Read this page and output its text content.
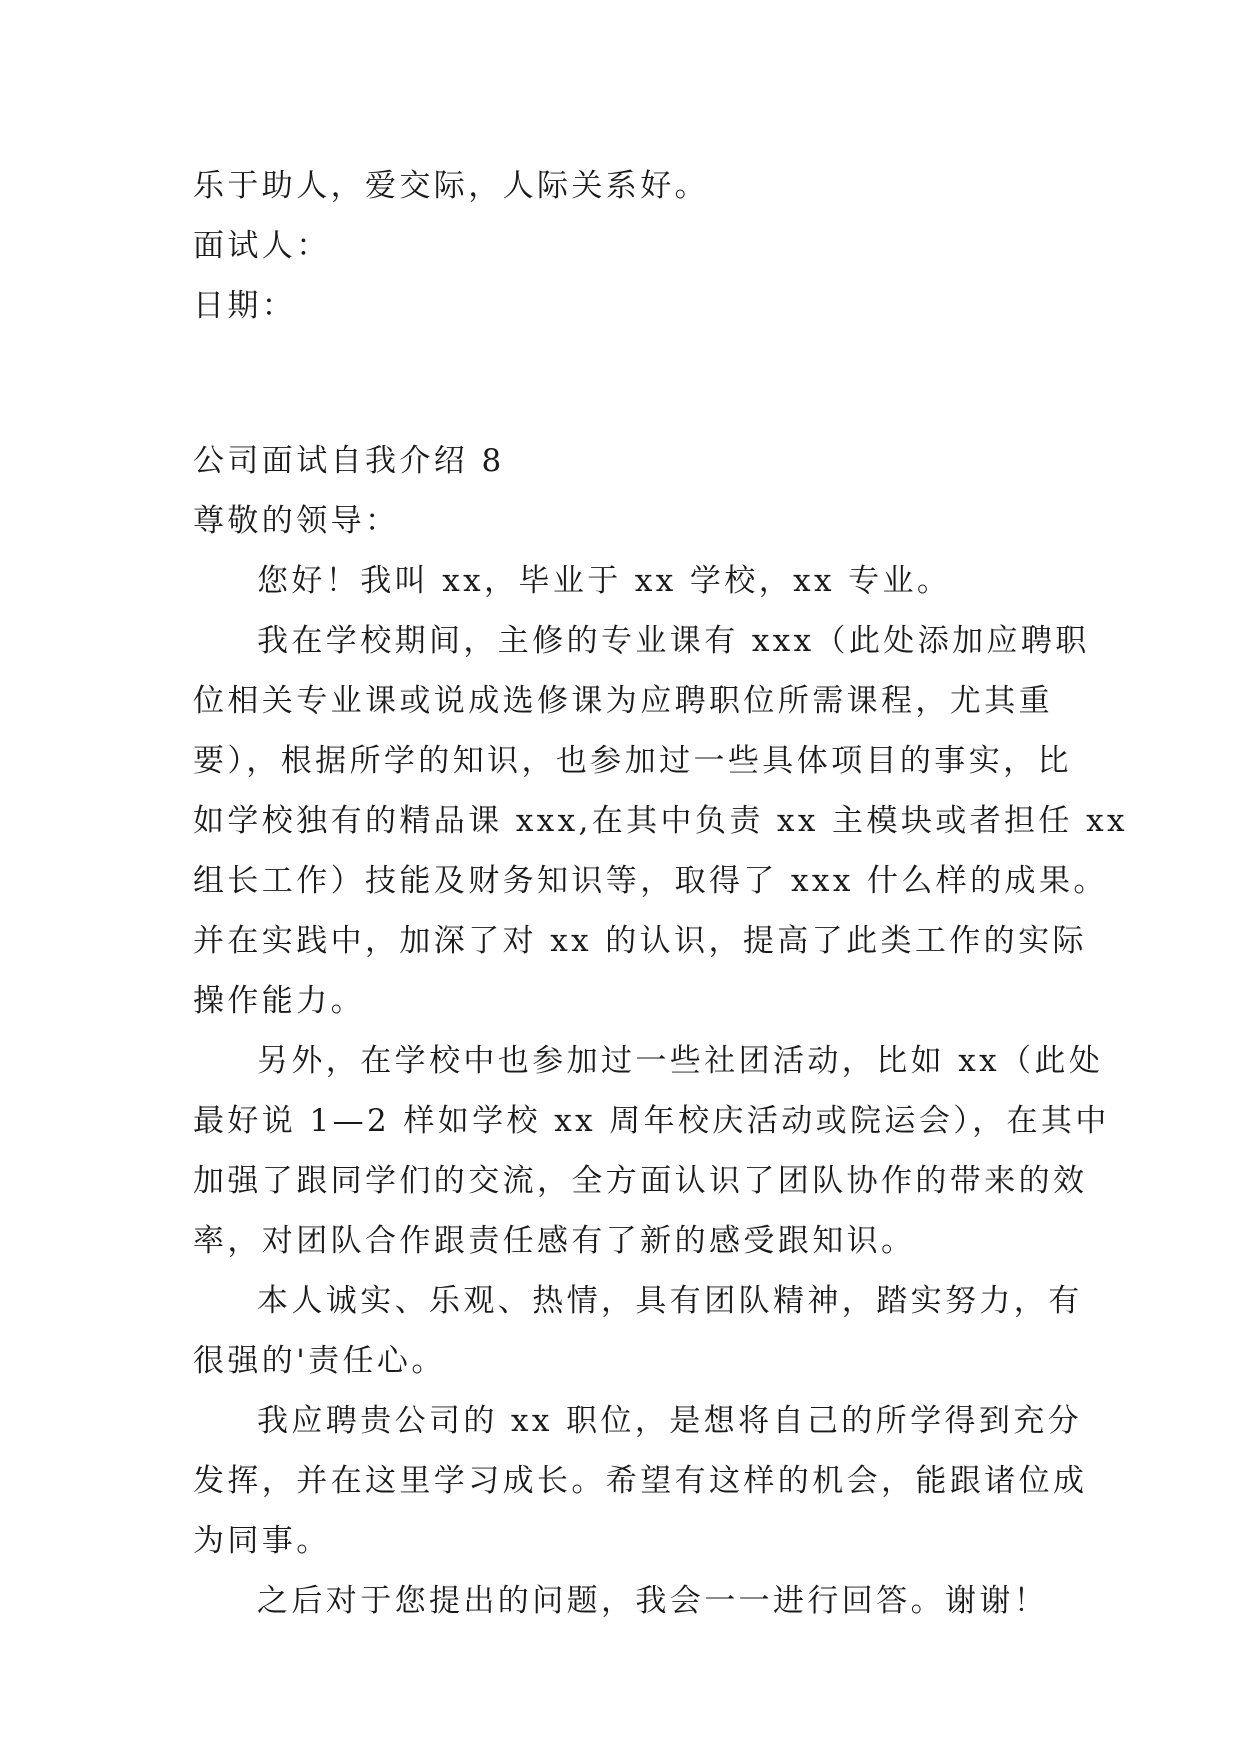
乐于助人，爱交际，人际关系好。
面试人：
日期：
公司面试自我介绍 8
尊敬的领导：
您好！我叫 xx，毕业于 xx 学校，xx 专业。
我在学校期间，主修的专业课有 xxx（此处添加应聘职
位相关专业课或说成选修课为应聘职位所需课程，尤其重
要），根据所学的知识，也参加过一些具体项目的事实，比
如学校独有的精品课 xxx,在其中负责 xx 主模块或者担任 xx
组长工作）技能及财务知识等，取得了 xxx 什么样的成果。
并在实践中，加深了对 xx 的认识，提高了此类工作的实际
操作能力。
另外，在学校中也参加过一些社团活动，比如 xx（此处
最好说 1—2 样如学校 xx 周年校庆活动或院运会），在其中
加强了跟同学们的交流，全方面认识了团队协作的带来的效
率，对团队合作跟责任感有了新的感受跟知识。
本人诚实、乐观、热情，具有团队精神，踏实努力，有
很强的'责任心。
我应聘贵公司的 xx 职位，是想将自己的所学得到充分
发挥，并在这里学习成长。希望有这样的机会，能跟诸位成
为同事。
之后对于您提出的问题，我会一一进行回答。谢谢！
